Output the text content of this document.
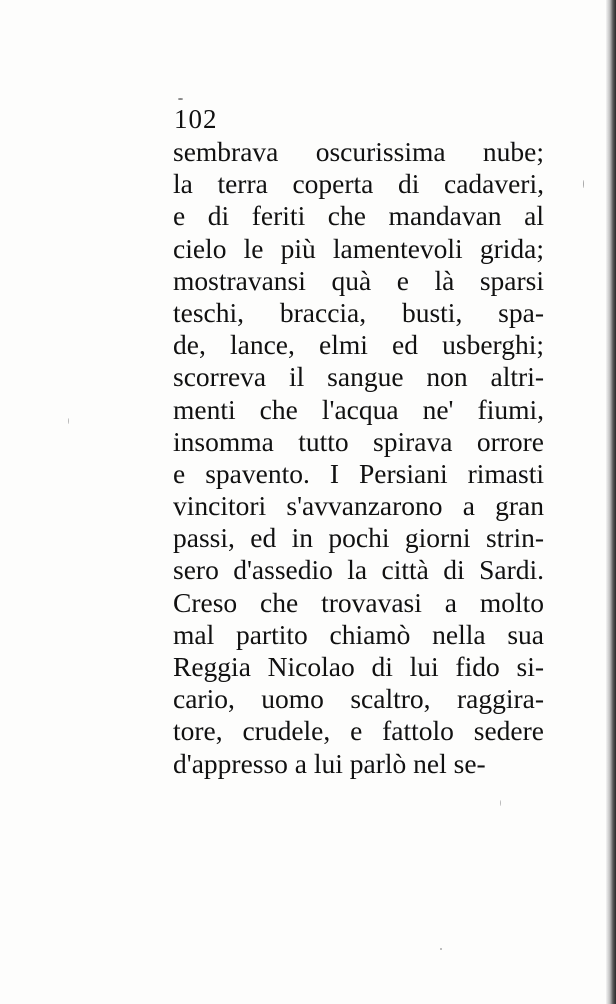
102
sembrava oscurissima nube;
la terra coperta di cadaveri,
e di feriti che mandavan al
cielo le più lamentevoli grida;
mostravansi quà e là sparsi
teschi, braccia, busti, spa-
de, lance, elmi ed usberghi;
scorreva il sangue non altri-
menti che l'acqua ne' fiumi,
insomma tutto spirava orrore
e spavento. I Persiani rimasti
vincitori s'avvanzarono a gran
passi, ed in pochi giorni strin-
sero d'assedio la città di Sardi.
Creso che trovavasi a molto
mal partito chiamò nella sua
Reggia Nicolao di lui fido si-
cario, uomo scaltro, raggira-
tore, crudele, e fattolo sedere
d'appresso a lui parlò nel se-
